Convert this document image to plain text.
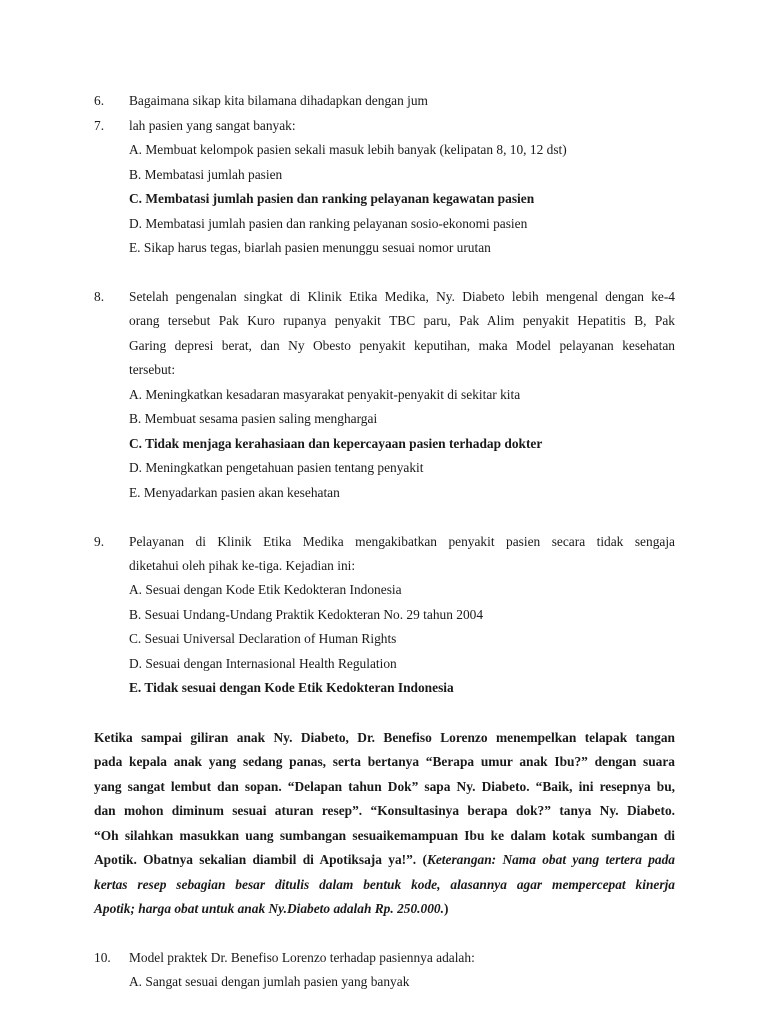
6. Bagaimana sikap kita bilamana dihadapkan dengan jum
7. lah pasien yang sangat banyak:
A. Membuat kelompok pasien sekali masuk lebih banyak (kelipatan 8, 10, 12 dst)
B. Membatasi jumlah pasien
C. Membatasi jumlah pasien dan ranking pelayanan kegawatan pasien
D. Membatasi jumlah pasien dan ranking pelayanan sosio-ekonomi pasien
E. Sikap harus tegas, biarlah pasien menunggu sesuai nomor urutan
8. Setelah pengenalan singkat di Klinik Etika Medika, Ny. Diabeto lebih mengenal dengan ke-4
orang tersebut Pak Kuro rupanya penyakit TBC paru, Pak Alim penyakit Hepatitis B, Pak
Garing depresi berat, dan Ny Obesto penyakit keputihan, maka Model pelayanan kesehatan
tersebut:
A. Meningkatkan kesadaran masyarakat penyakit-penyakit di sekitar kita
B. Membuat sesama pasien saling menghargai
C. Tidak menjaga kerahasiaan dan kepercayaan pasien terhadap dokter
D. Meningkatkan pengetahuan pasien tentang penyakit
E. Menyadarkan pasien akan kesehatan
9. Pelayanan di Klinik Etika Medika mengakibatkan penyakit pasien secara tidak sengaja
diketahui oleh pihak ke-tiga. Kejadian ini:
A. Sesuai dengan Kode Etik Kedokteran Indonesia
B. Sesuai Undang-Undang Praktik Kedokteran No. 29 tahun 2004
C. Sesuai Universal Declaration of Human Rights
D. Sesuai dengan Internasional Health Regulation
E. Tidak sesuai dengan Kode Etik Kedokteran Indonesia
Ketika sampai giliran anak Ny. Diabeto, Dr. Benefiso Lorenzo menempelkan telapak tangan
pada kepala anak yang sedang panas, serta bertanya “Berapa umur anak Ibu?” dengan suara
yang sangat lembut dan sopan. “Delapan tahun Dok” sapa Ny. Diabeto. “Baik, ini resepnya bu,
dan mohon diminum sesuai aturan resep”. “Konsultasinya berapa dok?” tanya Ny. Diabeto.
“Oh silahkan masukkan uang sumbangan sesuaikemampuan Ibu ke dalam kotak sumbangan di
Apotik. Obatnya sekalian diambil di Apotiksaja ya!”. (Keterangan: Nama obat yang tertera pada
kertas resep sebagian besar ditulis dalam bentuk kode, alasannya agar mempercepat kinerja
Apotik; harga obat untuk anak Ny.Diabeto adalah Rp. 250.000.)
10. Model praktek Dr. Benefiso Lorenzo terhadap pasiennya adalah:
A. Sangat sesuai dengan jumlah pasien yang banyak
